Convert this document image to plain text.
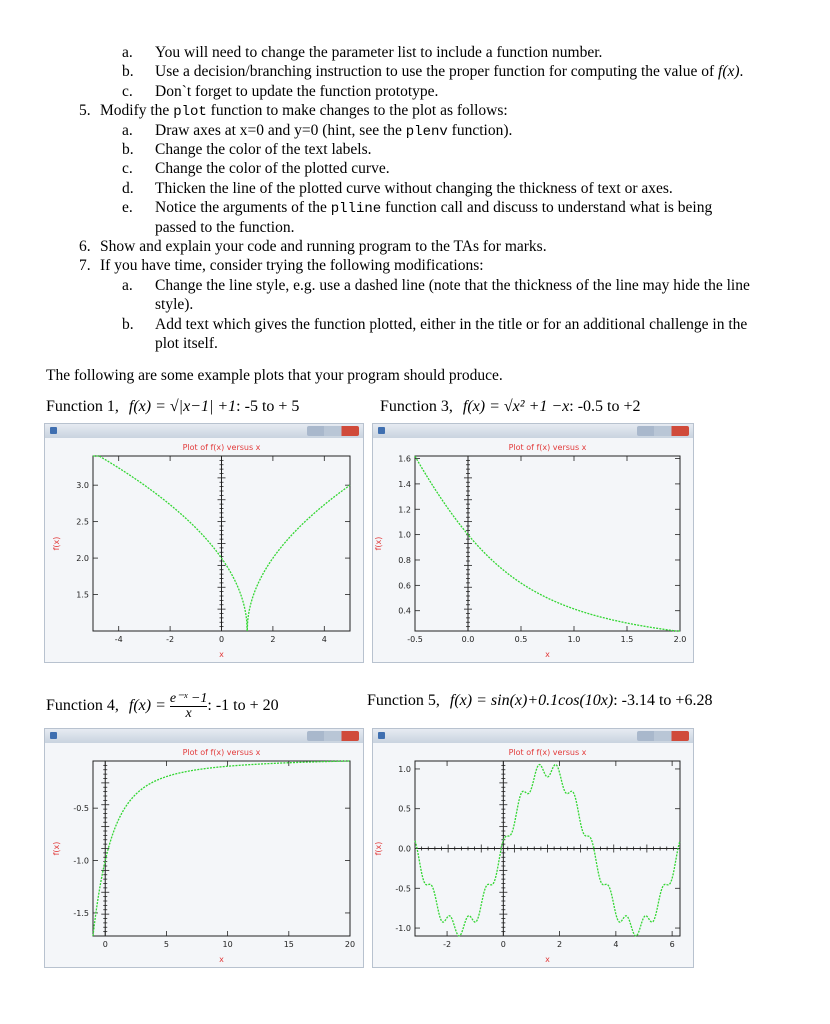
a. You will need to change the parameter list to include a function number.
b. Use a decision/branching instruction to use the proper function for computing the value of f(x).
c. Don`t forget to update the function prototype.
5. Modify the plot function to make changes to the plot as follows:
a. Draw axes at x=0 and y=0 (hint, see the plenv function).
b. Change the color of the text labels.
c. Change the color of the plotted curve.
d. Thicken the line of the plotted curve without changing the thickness of text or axes.
e. Notice the arguments of the plline function call and discuss to understand what is being
passed to the function.
6. Show and explain your code and running program to the TAs for marks.
7. If you have time, consider trying the following modifications:
a. Change the line style, e.g. use a dashed line (note that the thickness of the line may hide the line
style).
b. Add text which gives the function plotted, either in the title or for an additional challenge in the
plot itself.
The following are some example plots that your program should produce.
Function 1, f(x) = √|x−1| +1: -5 to + 5	Function 3, f(x) = √x² +1 −x: -0.5 to +2
Function 4, $f(x) = \frac{\text{e⁻ˣ −1}}{x}$ : -1 to + 20	Function 5, f(x) = sin(x)+0.1cos(10x): -3.14 to +6.28
Plot of f(x) versus x
x
f(x)
-4	-2	0	2	4
1.5
2.0
2.5
3.0
Plot of f(x) versus x
x
f(x)
-0.5	0.0	0.5	1.0	1.5	2.0
0.4
0.6
0.8
1.0
1.2
1.4
1.6
Plot of f(x) versus x
x
f(x)
0	5	10	15	20
-1.5
-1.0
-0.5
Plot of f(x) versus x
x
f(x)
-2	0	2	4	6
-1.0
-0.5
0.0
0.5
1.0
